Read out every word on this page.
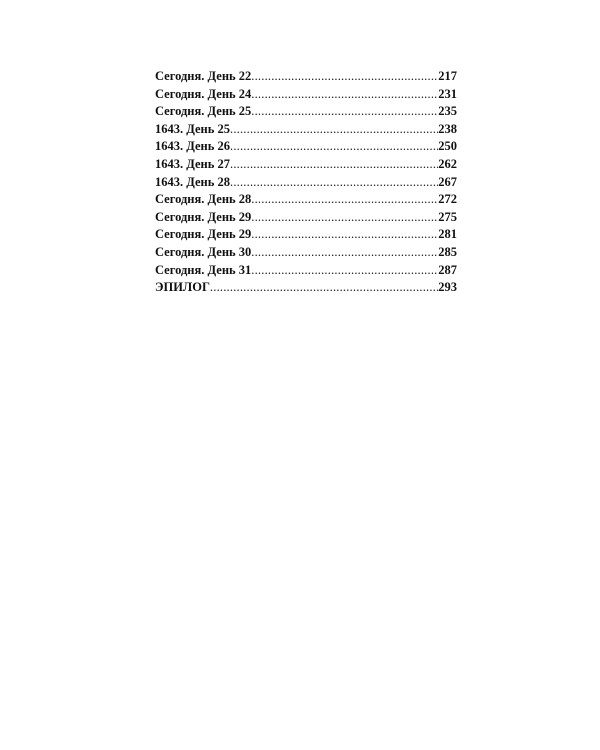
Сегодня. День 22 .....	217
Сегодня. День 24 .....	231
Сегодня. День 25 .....	235
1643. День 25 .....	238
1643. День 26 .....	250
1643. День 27 .....	262
1643. День 28 .....	267
Сегодня. День 28 .....	272
Сегодня. День 29 .....	275
Сегодня. День 29 .....	281
Сегодня. День 30 .....	285
Сегодня. День 31 .....	287
ЭПИЛОГ .....	293
